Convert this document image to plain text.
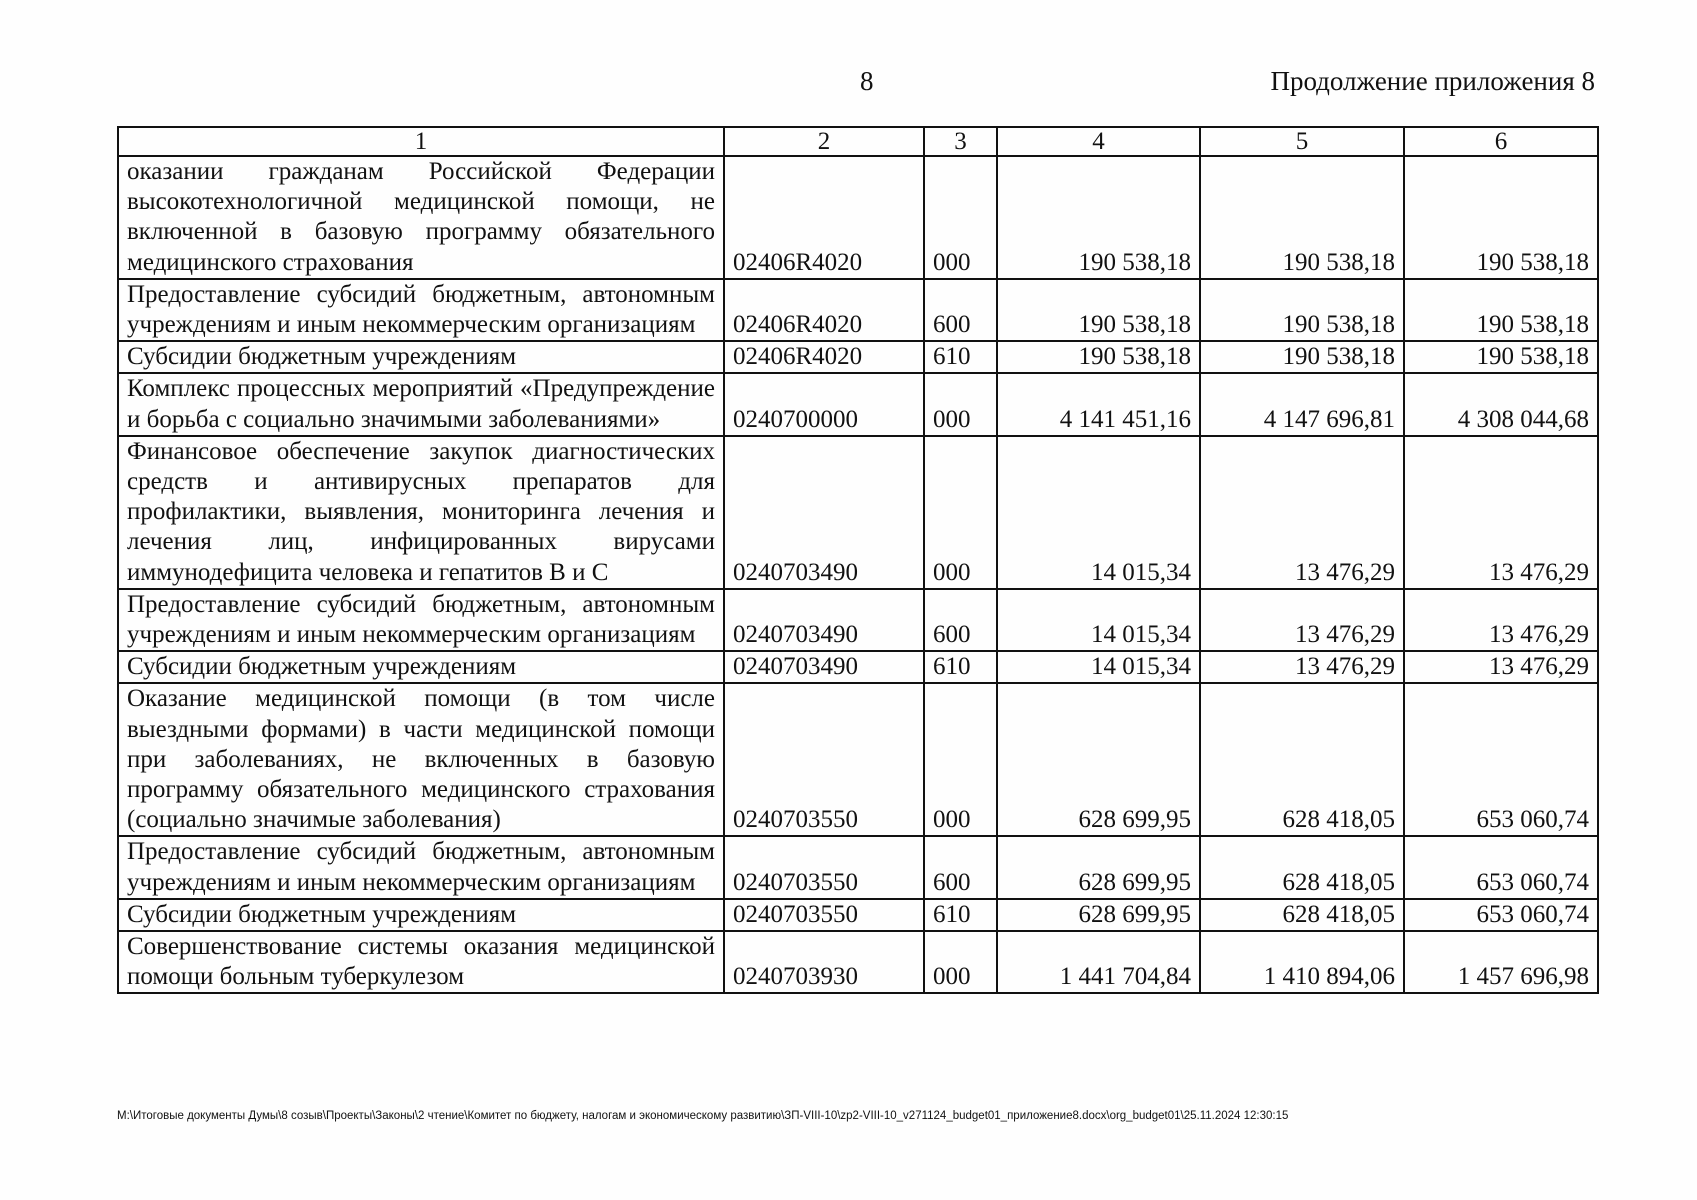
8	Продолжение приложения 8
1	2	3	4	5	6
оказании гражданам Российской Федерации высокотехнологичной медицинской помощи, не включенной в базовую программу обязательного медицинского страхования	02406R4020	000	190 538,18	190 538,18	190 538,18
Предоставление субсидий бюджетным, автономным учреждениям и иным некоммерческим организациям	02406R4020	600	190 538,18	190 538,18	190 538,18
Субсидии бюджетным учреждениям	02406R4020	610	190 538,18	190 538,18	190 538,18
Комплекс процессных мероприятий «Предупреждение и борьба с социально значимыми заболеваниями»	0240700000	000	4 141 451,16	4 147 696,81	4 308 044,68
Финансовое обеспечение закупок диагностических средств и антивирусных препаратов для профилактики, выявления, мониторинга лечения и лечения лиц, инфицированных вирусами иммунодефицита человека и гепатитов B и C	0240703490	000	14 015,34	13 476,29	13 476,29
Предоставление субсидий бюджетным, автономным учреждениям и иным некоммерческим организациям	0240703490	600	14 015,34	13 476,29	13 476,29
Субсидии бюджетным учреждениям	0240703490	610	14 015,34	13 476,29	13 476,29
Оказание медицинской помощи (в том числе выездными формами) в части медицинской помощи при заболеваниях, не включенных в базовую программу обязательного медицинского страхования (социально значимые заболевания)	0240703550	000	628 699,95	628 418,05	653 060,74
Предоставление субсидий бюджетным, автономным учреждениям и иным некоммерческим организациям	0240703550	600	628 699,95	628 418,05	653 060,74
Субсидии бюджетным учреждениям	0240703550	610	628 699,95	628 418,05	653 060,74
Совершенствование системы оказания медицинской помощи больным туберкулезом	0240703930	000	1 441 704,84	1 410 894,06	1 457 696,98
M:\Итоговые документы Думы\8 созыв\Проекты\Законы\2 чтение\Комитет по бюджету, налогам и экономическому развитию\ЗП-VIII-10\zp2-VIII-10_v271124_budget01_приложение8.docx\org_budget01\25.11.2024 12:30:15
